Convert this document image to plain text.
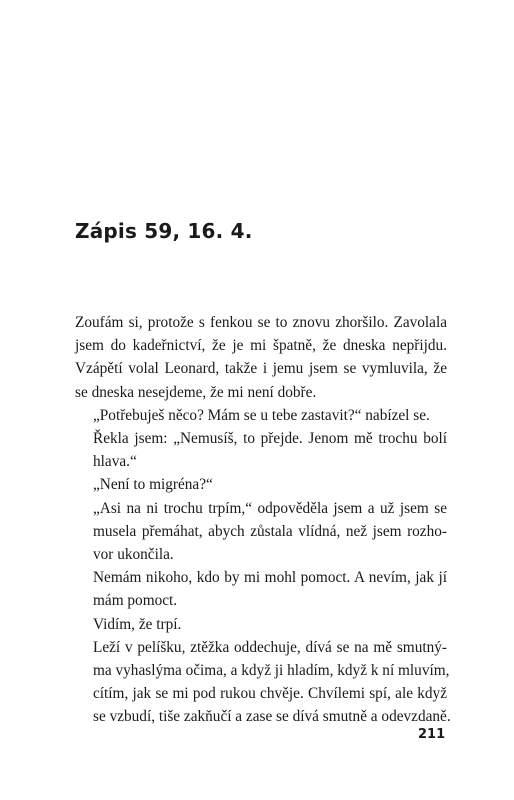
Zápis 59, 16. 4.

Zoufám si, protože s fenkou se to znovu zhoršilo. Zavolala
jsem do kadeřnictví, že je mi špatně, že dneska nepřijdu.
Vzápětí volal Leonard, takže i jemu jsem se vymluvila, že
se dneska nesejdeme, že mi není dobře.

„Potřebuješ něco? Mám se u tebe zastavit?“ nabízel se.

Řekla jsem: „Nemusíš, to přejde. Jenom mě trochu bolí
hlava.“

„Není to migréna?“

„Asi na ni trochu trpím,“ odpověděla jsem a už jsem se
musela přemáhat, abych zůstala vlídná, než jsem rozho-
vor ukončila.

Nemám nikoho, kdo by mi mohl pomoct. A nevím, jak jí
mám pomoct.

Vidím, že trpí.

Leží v pelíšku, ztěžka oddechuje, dívá se na mě smutný-
ma vyhaslýma očima, a když ji hladím, když k ní mluvím,
cítím, jak se mi pod rukou chvěje. Chvílemi spí, ale když
se vzbudí, tiše zakňučí a zase se dívá smutně a odevzdaně.

211
